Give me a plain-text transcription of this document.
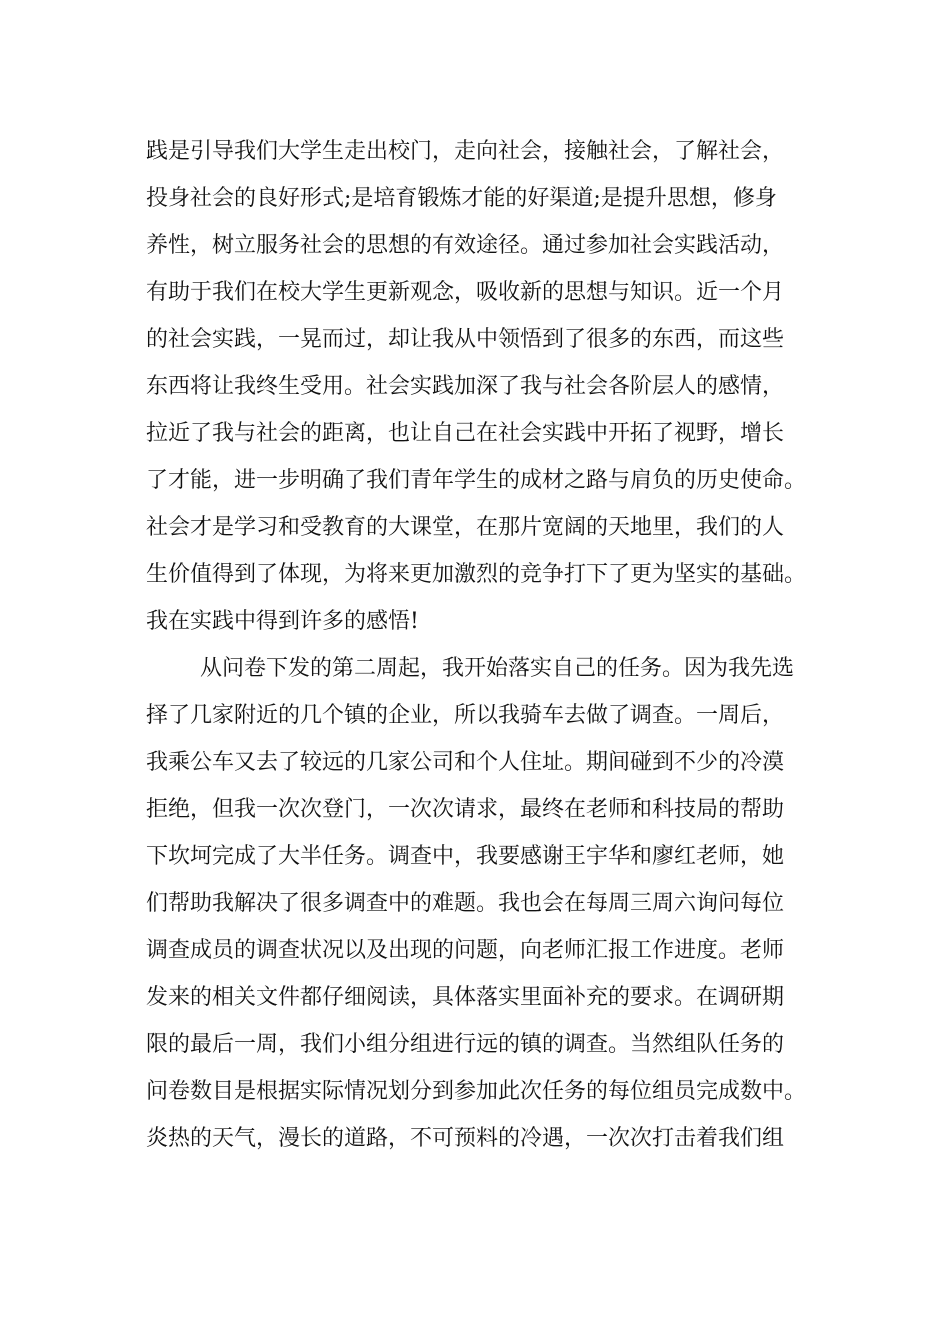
践是引导我们大学生走出校门，走向社会，接触社会，了解社会，
投身社会的良好形式;是培育锻炼才能的好渠道;是提升思想，修身
养性，树立服务社会的思想的有效途径。通过参加社会实践活动，
有助于我们在校大学生更新观念，吸收新的思想与知识。近一个月
的社会实践，一晃而过，却让我从中领悟到了很多的东西，而这些
东西将让我终生受用。社会实践加深了我与社会各阶层人的感情，
拉近了我与社会的距离，也让自己在社会实践中开拓了视野，增长
了才能，进一步明确了我们青年学生的成材之路与肩负的历史使命。
社会才是学习和受教育的大课堂，在那片宽阔的天地里，我们的人
生价值得到了体现，为将来更加激烈的竞争打下了更为坚实的基础。
我在实践中得到许多的感悟!
从问卷下发的第二周起，我开始落实自己的任务。因为我先选
择了几家附近的几个镇的企业，所以我骑车去做了调查。一周后，
我乘公车又去了较远的几家公司和个人住址。期间碰到不少的冷漠
拒绝，但我一次次登门，一次次请求，最终在老师和科技局的帮助
下坎坷完成了大半任务。调查中，我要感谢王宇华和廖红老师，她
们帮助我解决了很多调查中的难题。我也会在每周三周六询问每位
调查成员的调查状况以及出现的问题，向老师汇报工作进度。老师
发来的相关文件都仔细阅读，具体落实里面补充的要求。在调研期
限的最后一周，我们小组分组进行远的镇的调查。当然组队任务的
问卷数目是根据实际情况划分到参加此次任务的每位组员完成数中。
炎热的天气，漫长的道路，不可预料的冷遇，一次次打击着我们组
